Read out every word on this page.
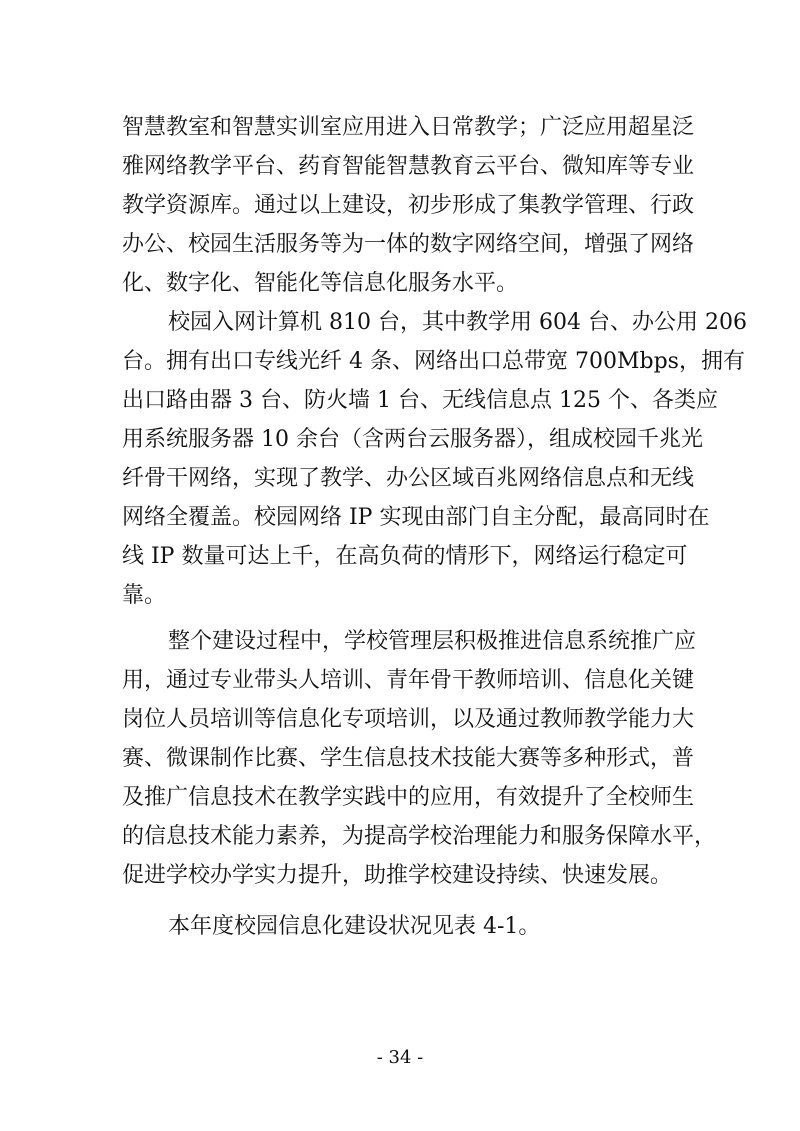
智慧教室和智慧实训室应用进入日常教学；广泛应用超星泛
雅网络教学平台、药育智能智慧教育云平台、微知库等专业
教学资源库。通过以上建设，初步形成了集教学管理、行政
办公、校园生活服务等为一体的数字网络空间，增强了网络
化、数字化、智能化等信息化服务水平。
校园入网计算机 810 台，其中教学用 604 台、办公用 206
台。拥有出口专线光纤 4 条、网络出口总带宽 700Mbps，拥有
出口路由器 3 台、防火墙 1 台、无线信息点 125 个、各类应
用系统服务器 10 余台（含两台云服务器），组成校园千兆光
纤骨干网络，实现了教学、办公区域百兆网络信息点和无线
网络全覆盖。校园网络 IP 实现由部门自主分配，最高同时在
线 IP 数量可达上千，在高负荷的情形下，网络运行稳定可
靠。
整个建设过程中，学校管理层积极推进信息系统推广应
用，通过专业带头人培训、青年骨干教师培训、信息化关键
岗位人员培训等信息化专项培训，以及通过教师教学能力大
赛、微课制作比赛、学生信息技术技能大赛等多种形式，普
及推广信息技术在教学实践中的应用，有效提升了全校师生
的信息技术能力素养，为提高学校治理能力和服务保障水平，
促进学校办学实力提升，助推学校建设持续、快速发展。
本年度校园信息化建设状况见表 4-1。
- 34 -
